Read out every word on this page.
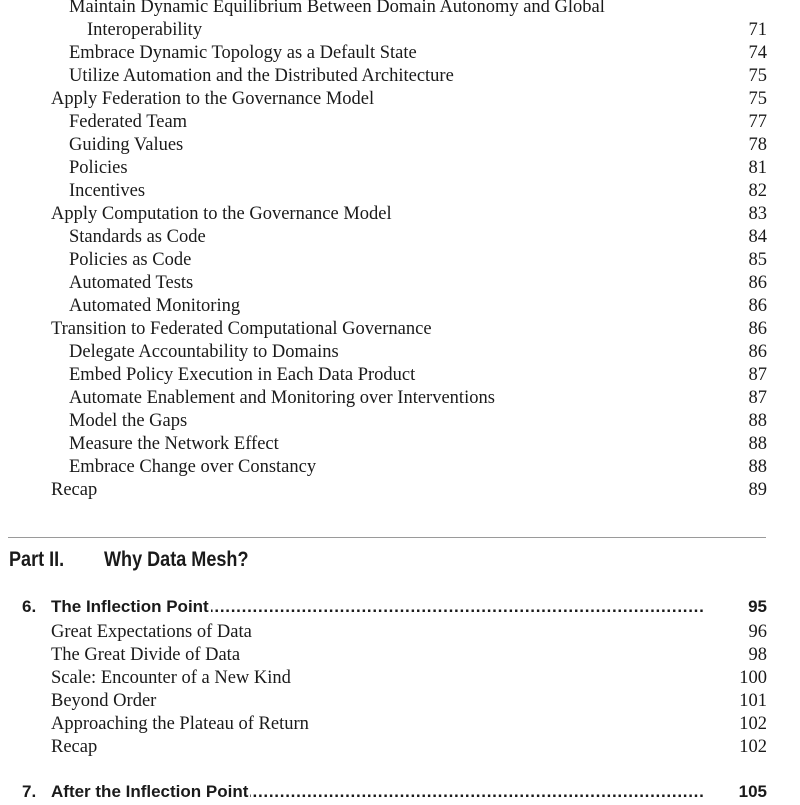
Maintain Dynamic Equilibrium Between Domain Autonomy and Global
Interoperability	71
Embrace Dynamic Topology as a Default State	74
Utilize Automation and the Distributed Architecture	75
Apply Federation to the Governance Model	75
Federated Team	77
Guiding Values	78
Policies	81
Incentives	82
Apply Computation to the Governance Model	83
Standards as Code	84
Policies as Code	85
Automated Tests	86
Automated Monitoring	86
Transition to Federated Computational Governance	86
Delegate Accountability to Domains	86
Embed Policy Execution in Each Data Product	87
Automate Enablement and Monitoring over Interventions	87
Model the Gaps	88
Measure the Network Effect	88
Embrace Change over Constancy	88
Recap	89
Part II. Why Data Mesh?
6. The Inflection Point . . .	95
Great Expectations of Data	96
The Great Divide of Data	98
Scale: Encounter of a New Kind	100
Beyond Order	101
Approaching the Plateau of Return	102
Recap	102
7. After the Inflection Point . . .	105
